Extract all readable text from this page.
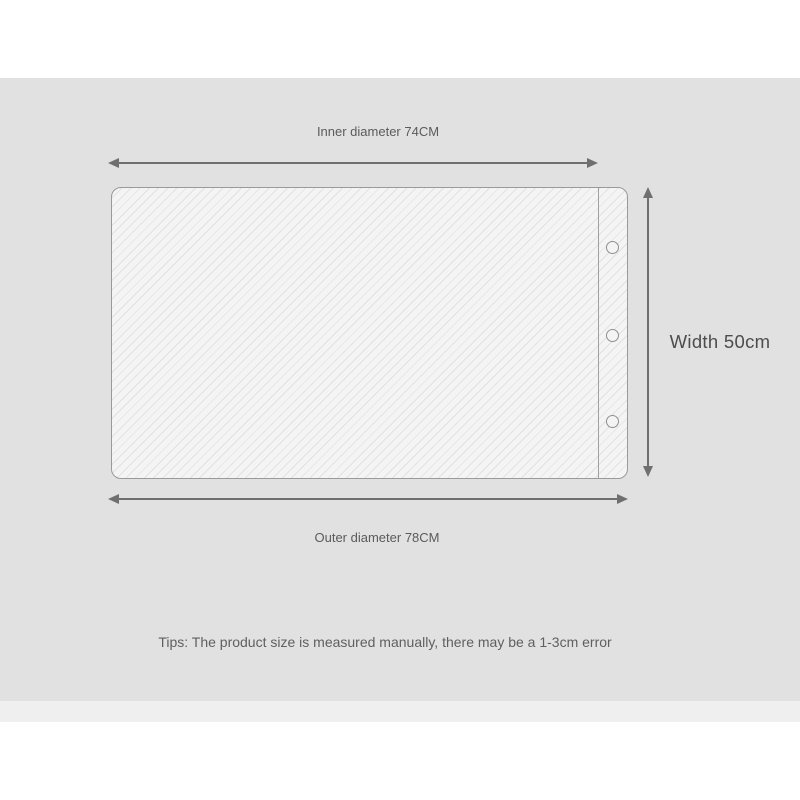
Inner diameter 74CM
Width 50cm
Outer diameter 78CM
Tips: The product size is measured manually, there may be a 1-3cm error
